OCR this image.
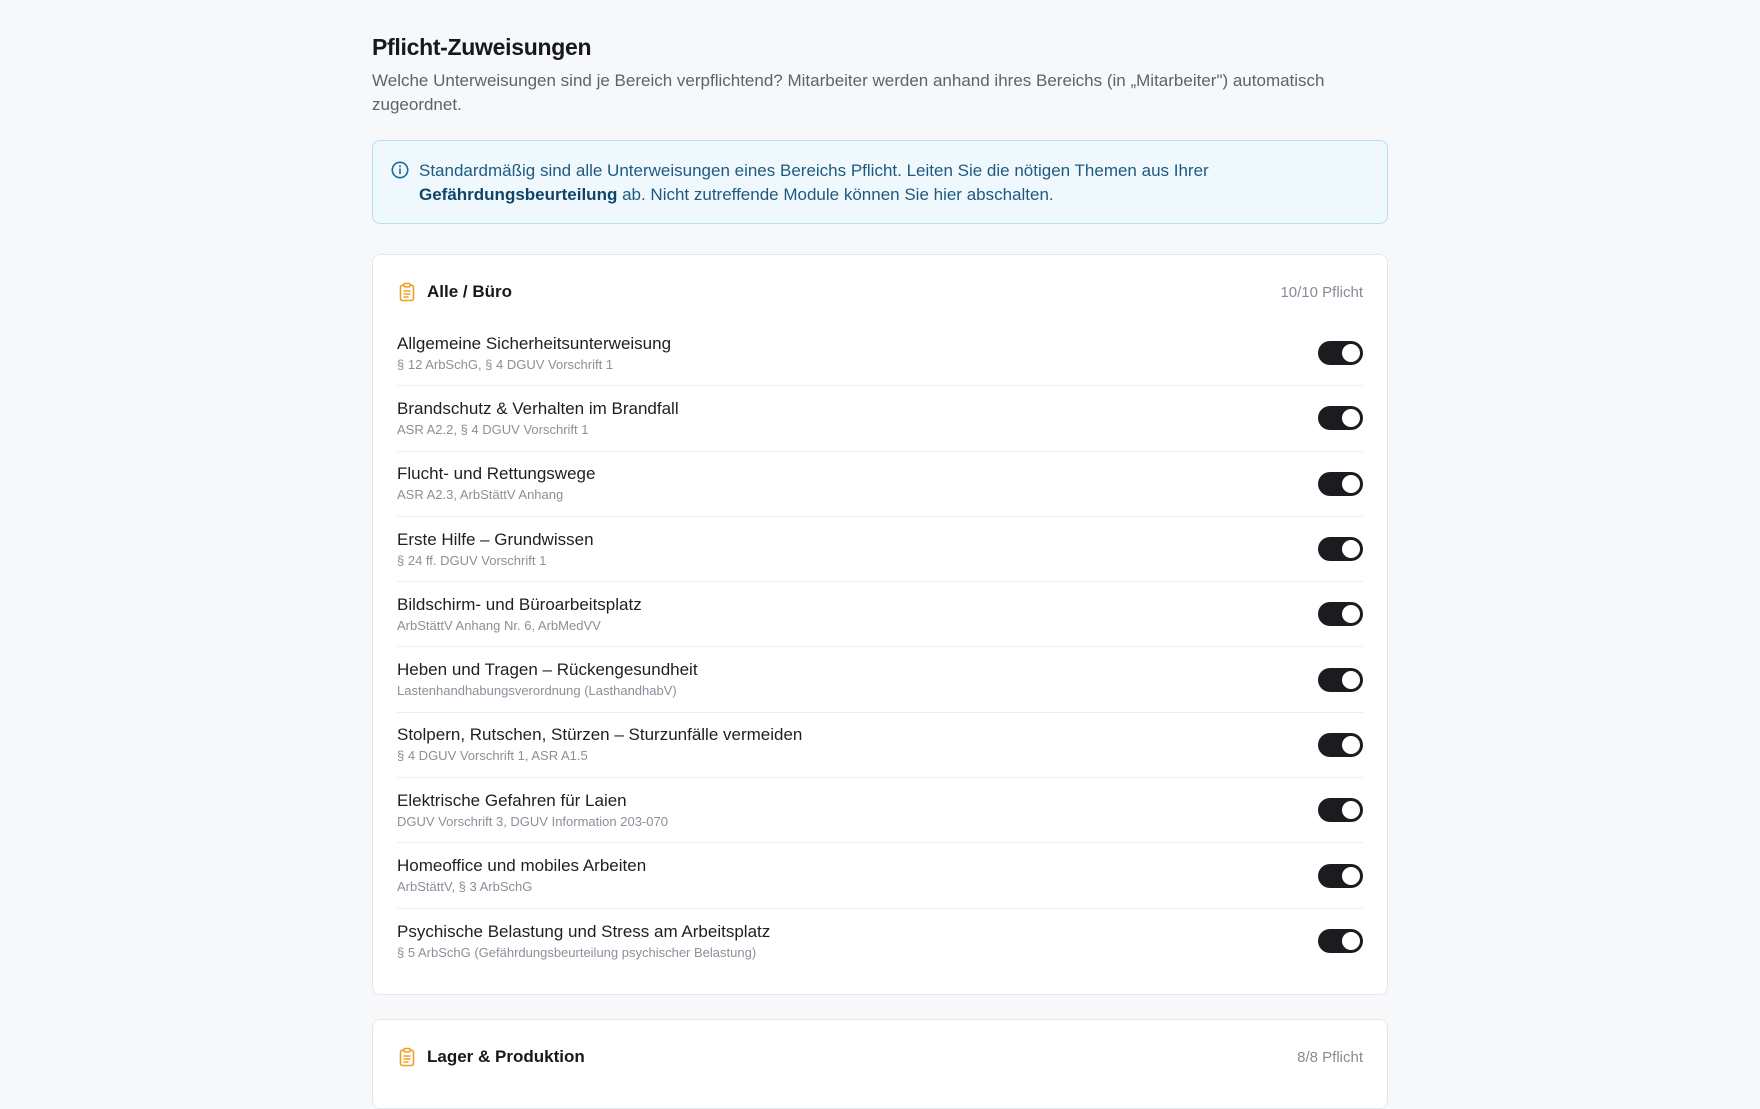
Pflicht-Zuweisungen

Welche Unterweisungen sind je Bereich verpflichtend? Mitarbeiter werden anhand ihres Bereichs (in „Mitarbeiter") automatisch zugeordnet.

Standardmäßig sind alle Unterweisungen eines Bereichs Pflicht. Leiten Sie die nötigen Themen aus Ihrer Gefährdungsbeurteilung ab. Nicht zutreffende Module können Sie hier abschalten.
Alle / Büro	10/10 Pflicht
Allgemeine Sicherheitsunterweisung
§ 12 ArbSchG, § 4 DGUV Vorschrift 1
Brandschutz & Verhalten im Brandfall
ASR A2.2, § 4 DGUV Vorschrift 1
Flucht- und Rettungswege
ASR A2.3, ArbStättV Anhang
Erste Hilfe – Grundwissen
§ 24 ff. DGUV Vorschrift 1
Bildschirm- und Büroarbeitsplatz
ArbStättV Anhang Nr. 6, ArbMedVV
Heben und Tragen – Rückengesundheit
Lastenhandhabungsverordnung (LasthandhabV)
Stolpern, Rutschen, Stürzen – Sturzunfälle vermeiden
§ 4 DGUV Vorschrift 1, ASR A1.5
Elektrische Gefahren für Laien
DGUV Vorschrift 3, DGUV Information 203-070
Homeoffice und mobiles Arbeiten
ArbStättV, § 3 ArbSchG
Psychische Belastung und Stress am Arbeitsplatz
§ 5 ArbSchG (Gefährdungsbeurteilung psychischer Belastung)
Lager & Produktion	8/8 Pflicht
